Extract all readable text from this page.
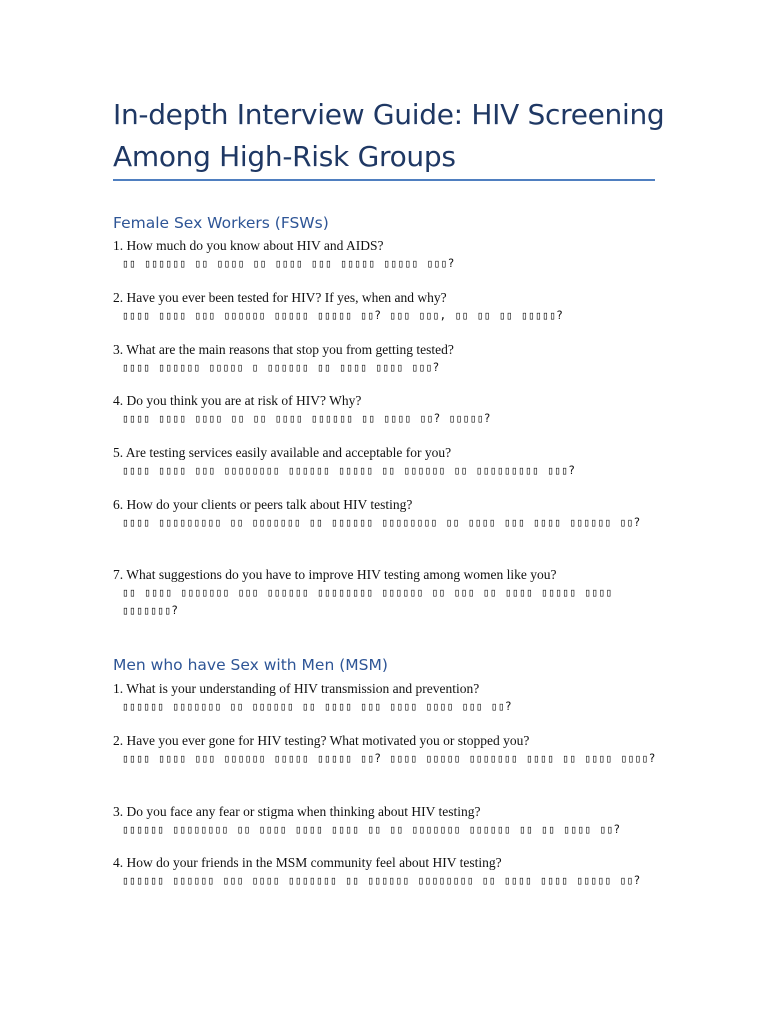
In-depth Interview Guide: HIV Screening Among High-Risk Groups
Female Sex Workers (FSWs)
1. How much do you know about HIV and AIDS?
▯▯ ▯▯▯▯▯▯ ▯▯ ▯▯▯▯ ▯▯ ▯▯▯▯ ▯▯▯ ▯▯▯▯▯ ▯▯▯▯▯ ▯▯▯?
2. Have you ever been tested for HIV? If yes, when and why?
▯▯▯▯ ▯▯▯▯ ▯▯▯ ▯▯▯▯▯▯ ▯▯▯▯▯ ▯▯▯▯▯ ▯▯? ▯▯▯ ▯▯▯, ▯▯ ▯▯ ▯▯ ▯▯▯▯▯?
3. What are the main reasons that stop you from getting tested?
▯▯▯▯ ▯▯▯▯▯▯ ▯▯▯▯▯ ▯ ▯▯▯▯▯▯ ▯▯ ▯▯▯▯ ▯▯▯▯ ▯▯▯?
4. Do you think you are at risk of HIV? Why?
▯▯▯▯ ▯▯▯▯ ▯▯▯▯ ▯▯ ▯▯ ▯▯▯▯ ▯▯▯▯▯▯ ▯▯ ▯▯▯▯ ▯▯? ▯▯▯▯▯?
5. Are testing services easily available and acceptable for you?
▯▯▯▯ ▯▯▯▯ ▯▯▯ ▯▯▯▯▯▯▯▯ ▯▯▯▯▯▯ ▯▯▯▯▯ ▯▯ ▯▯▯▯▯▯ ▯▯ ▯▯▯▯▯▯▯▯▯ ▯▯▯?
6. How do your clients or peers talk about HIV testing?
▯▯▯▯ ▯▯▯▯▯▯▯▯▯ ▯▯ ▯▯▯▯▯▯▯ ▯▯ ▯▯▯▯▯▯ ▯▯▯▯▯▯▯▯ ▯▯ ▯▯▯▯ ▯▯▯ ▯▯▯▯ ▯▯▯▯▯▯ ▯▯?
7. What suggestions do you have to improve HIV testing among women like you?
▯▯ ▯▯▯▯ ▯▯▯▯▯▯▯ ▯▯▯ ▯▯▯▯▯▯ ▯▯▯▯▯▯▯▯ ▯▯▯▯▯▯ ▯▯ ▯▯▯ ▯▯ ▯▯▯▯ ▯▯▯▯▯ ▯▯▯▯ ▯▯▯▯▯▯▯?
Men who have Sex with Men (MSM)
1. What is your understanding of HIV transmission and prevention?
▯▯▯▯▯▯ ▯▯▯▯▯▯▯ ▯▯ ▯▯▯▯▯▯ ▯▯ ▯▯▯▯ ▯▯▯ ▯▯▯▯ ▯▯▯▯ ▯▯▯ ▯▯?
2. Have you ever gone for HIV testing? What motivated you or stopped you?
▯▯▯▯ ▯▯▯▯ ▯▯▯ ▯▯▯▯▯▯ ▯▯▯▯▯ ▯▯▯▯▯ ▯▯? ▯▯▯▯ ▯▯▯▯▯ ▯▯▯▯▯▯▯ ▯▯▯▯ ▯▯ ▯▯▯▯ ▯▯▯▯?
3. Do you face any fear or stigma when thinking about HIV testing?
▯▯▯▯▯▯ ▯▯▯▯▯▯▯▯ ▯▯ ▯▯▯▯ ▯▯▯▯ ▯▯▯▯ ▯▯ ▯▯ ▯▯▯▯▯▯▯ ▯▯▯▯▯▯ ▯▯ ▯▯ ▯▯▯▯ ▯▯?
4. How do your friends in the MSM community feel about HIV testing?
▯▯▯▯▯▯ ▯▯▯▯▯▯ ▯▯▯ ▯▯▯▯ ▯▯▯▯▯▯▯ ▯▯ ▯▯▯▯▯▯ ▯▯▯▯▯▯▯▯ ▯▯ ▯▯▯▯ ▯▯▯▯ ▯▯▯▯▯ ▯▯?
